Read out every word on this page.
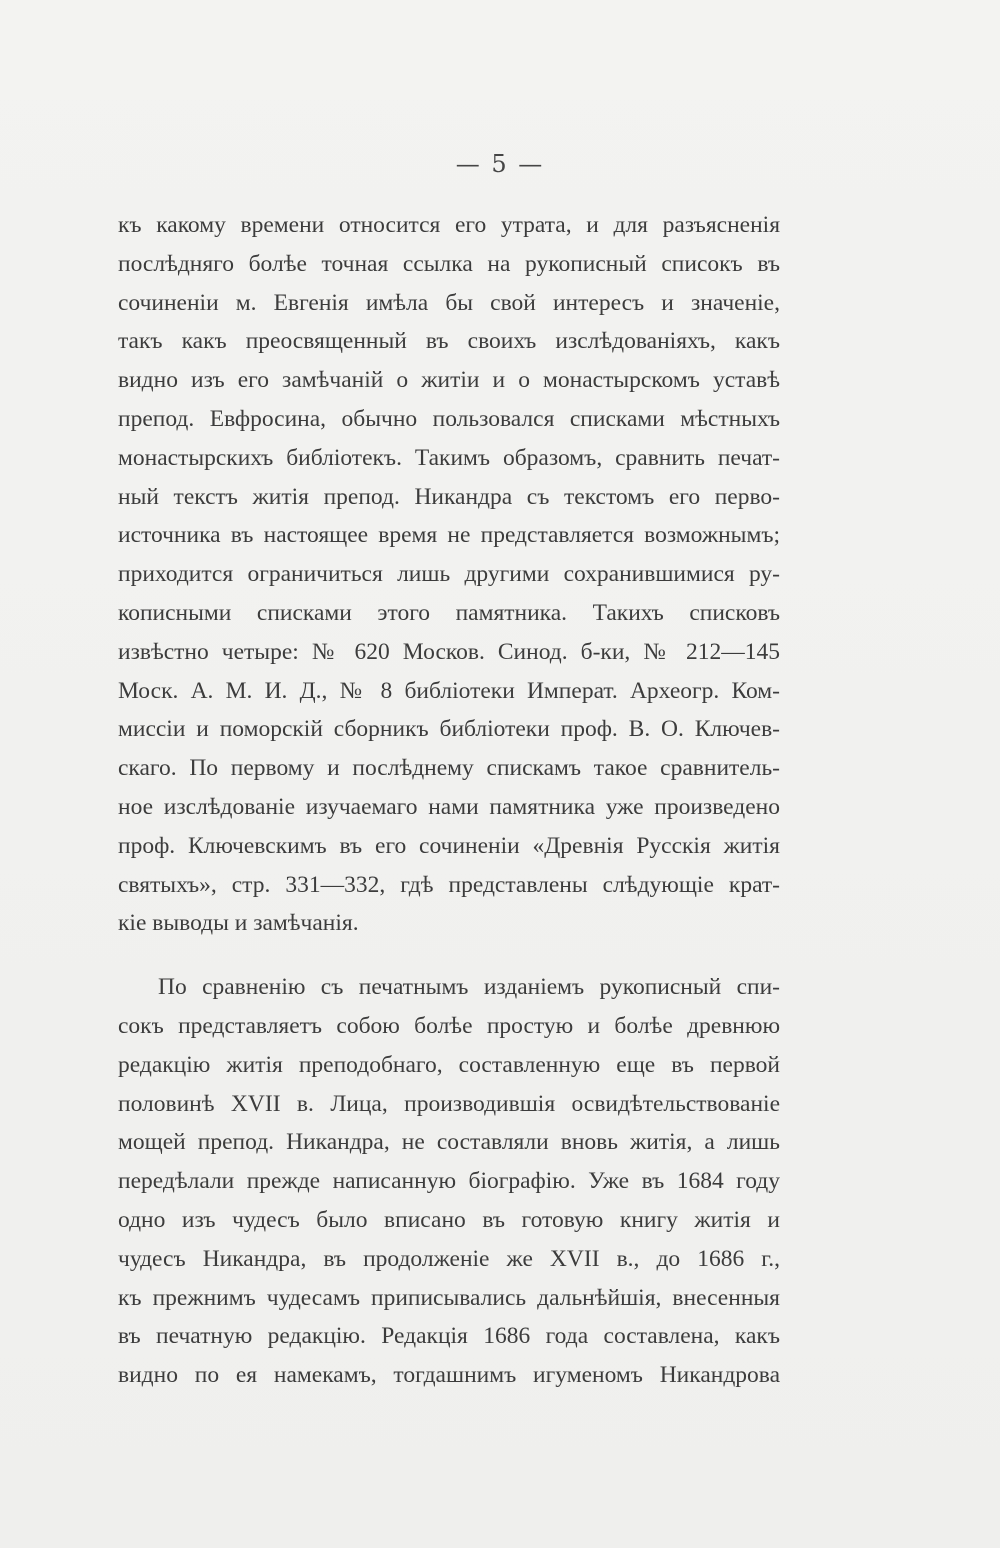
— 5 —
къ какому времени относится его утрата, и для разъясненія
послѣдняго болѣе точная ссылка на рукописный списокъ въ
сочиненіи м. Евгенія имѣла бы свой интересъ и значеніе,
такъ какъ преосвященный въ своихъ изслѣдованіяхъ, какъ
видно изъ его замѣчаній о житіи и о монастырскомъ уставѣ
препод. Евфросина, обычно пользовался списками мѣстныхъ
монастырскихъ библіотекъ. Такимъ образомъ, сравнить печат-
ный текстъ житія препод. Никандра съ текстомъ его перво-
источника въ настоящее время не представляется возможнымъ;
приходится ограничиться лишь другими сохранившимися ру-
кописными списками этого памятника. Такихъ списковъ
извѣстно четыре: № 620 Москов. Синод. б-ки, № 212—145
Моск. А. М. И. Д., № 8 библіотеки Императ. Археогр. Ком-
миссіи и поморскій сборникъ библіотеки проф. В. О. Ключев-
скаго. По первому и послѣднему спискамъ такое сравнитель-
ное изслѣдованіе изучаемаго нами памятника уже произведено
проф. Ключевскимъ въ его сочиненіи «Древнія Русскія житія
святыхъ», стр. 331—332, гдѣ представлены слѣдующіе крат-
кіе выводы и замѣчанія.
По сравненію съ печатнымъ изданіемъ рукописный спи-
сокъ представляетъ собою болѣе простую и болѣе древнюю
редакцію житія преподобнаго, составленную еще въ первой
половинѣ XVII в. Лица, производившія освидѣтельствованіе
мощей препод. Никандра, не составляли вновь житія, а лишь
передѣлали прежде написанную біографію. Уже въ 1684 году
одно изъ чудесъ было вписано въ готовую книгу житія и
чудесъ Никандра, въ продолженіе же XVII в., до 1686 г.,
къ прежнимъ чудесамъ приписывались дальнѣйшія, внесенныя
въ печатную редакцію. Редакція 1686 года составлена, какъ
видно по ея намекамъ, тогдашнимъ игуменомъ Никандрова
